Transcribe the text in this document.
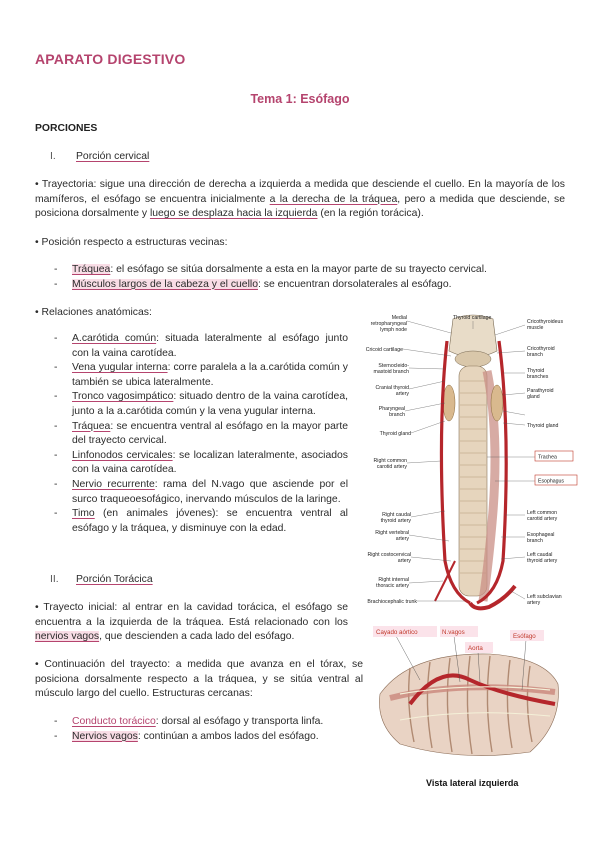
APARATO DIGESTIVO
Tema 1: Esófago
PORCIONES
I. Porción cervical
• Trayectoria: sigue una dirección de derecha a izquierda a medida que desciende el cuello. En la mayoría de los mamíferos, el esófago se encuentra inicialmente a la derecha de la tráquea, pero a medida que desciende, se posiciona dorsalmente y luego se desplaza hacia la izquierda (en la región torácica).
• Posición respecto a estructuras vecinas:
- Tráquea: el esófago se sitúa dorsalmente a esta en la mayor parte de su trayecto cervical.
- Músculos largos de la cabeza y el cuello: se encuentran dorsolaterales al esófago.
• Relaciones anatómicas:
- A.carótida común: situada lateralmente al esófago junto con la vaina carotídea.
- Vena yugular interna: corre paralela a la a.carótida común y también se ubica lateralmente.
- Tronco vagosimpático: situado dentro de la vaina carotídea, junto a la a.carótida común y la vena yugular interna.
- Tráquea: se encuentra ventral al esófago en la mayor parte del trayecto cervical.
- Linfonodos cervicales: se localizan lateralmente, asociados con la vaina carotídea.
- Nervio recurrente: rama del N.vago que asciende por el surco traqueoesofágico, inervando músculos de la laringe.
- Timo (en animales jóvenes): se encuentra ventral al esófago y la tráquea, y disminuye con la edad.
II. Porción Torácica
• Trayecto inicial: al entrar en la cavidad torácica, el esófago se encuentra a la izquierda de la tráquea. Está relacionado con los nervios vagos, que descienden a cada lado del esófago.
• Continuación del trayecto: a medida que avanza en el tórax, se posiciona dorsalmente respecto a la tráquea, y se sitúa ventral al músculo largo del cuello. Estructuras cercanas:
- Conducto torácico: dorsal al esófago y transporta linfa.
- Nervios vagos: continúan a ambos lados del esófago.
Medial
retropharyngeal
lymph node
Cricoid cartilage
Sternocleido-
mastoid branch
Cranial thyroid
artery
Pharyngeal
branch
Thyroid gland
Right common
carotid artery
Right caudal
thyroid artery
Right vertebral
artery
Right costocervical
artery
Right internal
thoracic artery
Brachiocephalic trunk
Thyroid cartilage
Cricothyroideus
muscle
Cricothyroid
branch
Thyroid
branches
Parathyroid
gland
Thyroid gland
Trachea
Esophagus
Left common
carotid artery
Esophageal
branch
Left caudal
thyroid artery
Left subclavian
artery
Cayado aórtico	N.vagos
Aorta
Esófago
Vista lateral izquierda
